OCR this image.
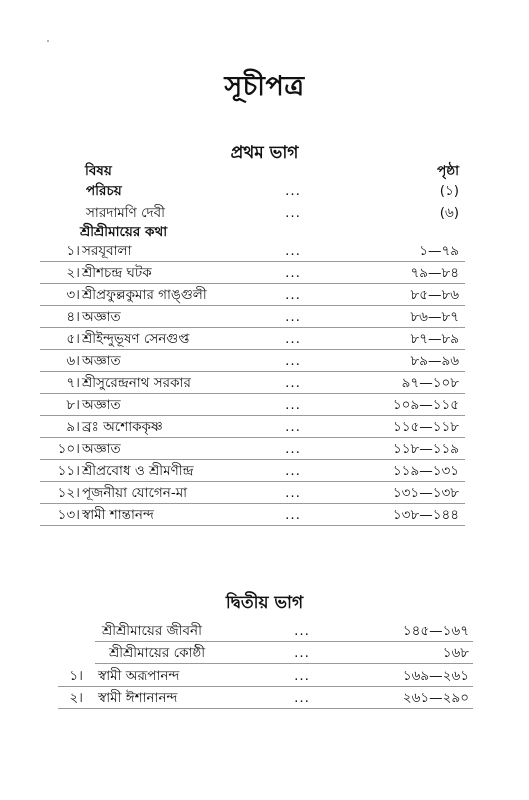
সূচীপত্র
প্রথম ভাগ
বিষয়	পৃষ্ঠা
পরিচয়	...	(১)
সারদামণি দেবী	...	(৬)
শ্রীশ্রীমায়ের কথা
১। সরযূবালা	...	১—৭৯
২। শ্রীশচন্দ্র ঘটক	...	৭৯—৮৪
৩। শ্রীপ্রফুল্লকুমার গাঙ্গুলী	...	৮৫—৮৬
৪। অজ্ঞাত	...	৮৬—৮৭
৫। শ্রীইন্দুভূষণ সেনগুপ্ত	...	৮৭—৮৯
৬। অজ্ঞাত	...	৮৯—৯৬
৭। শ্রীসুরেন্দ্রনাথ সরকার	...	৯৭—১০৮
৮। অজ্ঞাত	...	১০৯—১১৫
৯। ব্রঃ অশোককৃষ্ণ	...	১১৫—১১৮
১০। অজ্ঞাত	...	১১৮—১১৯
১১। শ্রীপ্রবোধ ও শ্রীমণীন্দ্র	...	১১৯—১৩১
১২। পূজনীয়া যোগেন-মা	...	১৩১—১৩৮
১৩। স্বামী শান্তানন্দ	...	১৩৮—১৪৪
দ্বিতীয় ভাগ
শ্রীশ্রীমায়ের জীবনী	...	১৪৫—১৬৭
শ্রীশ্রীমায়ের কোষ্ঠী	...	১৬৮
১। স্বামী অরূপানন্দ	...	১৬৯—২৬১
২। স্বামী ঈশানানন্দ	...	২৬১—২৯০
